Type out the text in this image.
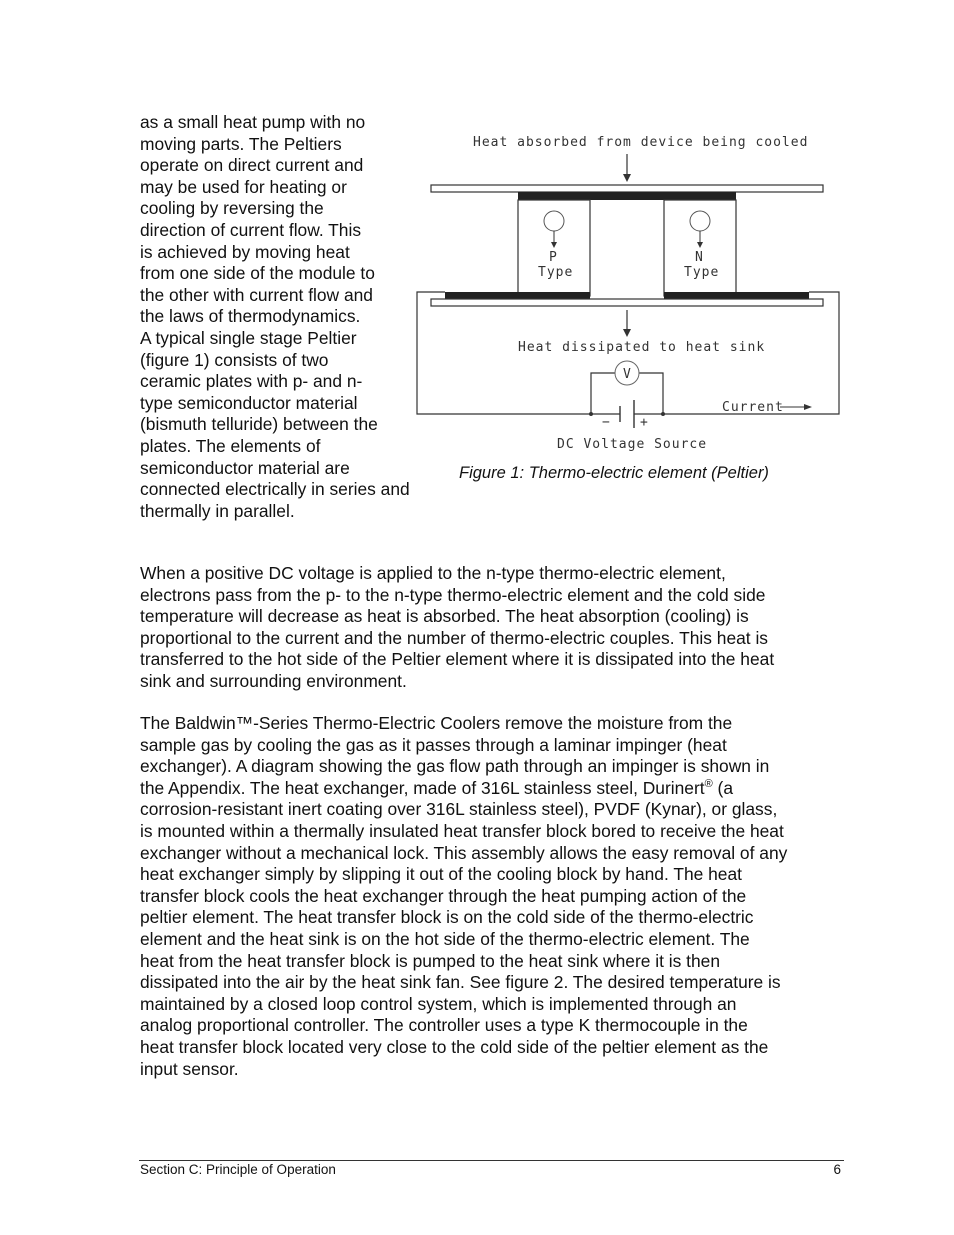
as a small heat pump with no
moving parts. The Peltiers
operate on direct current and
may be used for heating or
cooling by reversing the
direction of current flow. This
is achieved by moving heat
from one side of the module to
the other with current flow and
the laws of thermodynamics.
A typical single stage Peltier
(figure 1) consists of two
ceramic plates with p- and n-
type semiconductor material
(bismuth telluride) between the
plates. The elements of
semiconductor material are
connected electrically in series and
thermally in parallel.
Heat absorbed from device being cooled
P
Type
N
Type
Heat dissipated to heat sink
− +
V
Current
DC Voltage Source
Figure 1: Thermo-electric element (Peltier)
When a positive DC voltage is applied to the n-type thermo-electric element,
electrons pass from the p- to the n-type thermo-electric element and the cold side
temperature will decrease as heat is absorbed. The heat absorption (cooling) is
proportional to the current and the number of thermo-electric couples. This heat is
transferred to the hot side of the Peltier element where it is dissipated into the heat
sink and surrounding environment.
The Baldwin™-Series Thermo-Electric Coolers remove the moisture from the
sample gas by cooling the gas as it passes through a laminar impinger (heat
exchanger). A diagram showing the gas flow path through an impinger is shown in
the Appendix. The heat exchanger, made of 316L stainless steel, Durinert® (a
corrosion-resistant inert coating over 316L stainless steel), PVDF (Kynar), or glass,
is mounted within a thermally insulated heat transfer block bored to receive the heat
exchanger without a mechanical lock. This assembly allows the easy removal of any
heat exchanger simply by slipping it out of the cooling block by hand. The heat
transfer block cools the heat exchanger through the heat pumping action of the
peltier element. The heat transfer block is on the cold side of the thermo-electric
element and the heat sink is on the hot side of the thermo-electric element. The
heat from the heat transfer block is pumped to the heat sink where it is then
dissipated into the air by the heat sink fan. See figure 2. The desired temperature is
maintained by a closed loop control system, which is implemented through an
analog proportional controller. The controller uses a type K thermocouple in the
heat transfer block located very close to the cold side of the peltier element as the
input sensor.
Section C: Principle of Operation	6
